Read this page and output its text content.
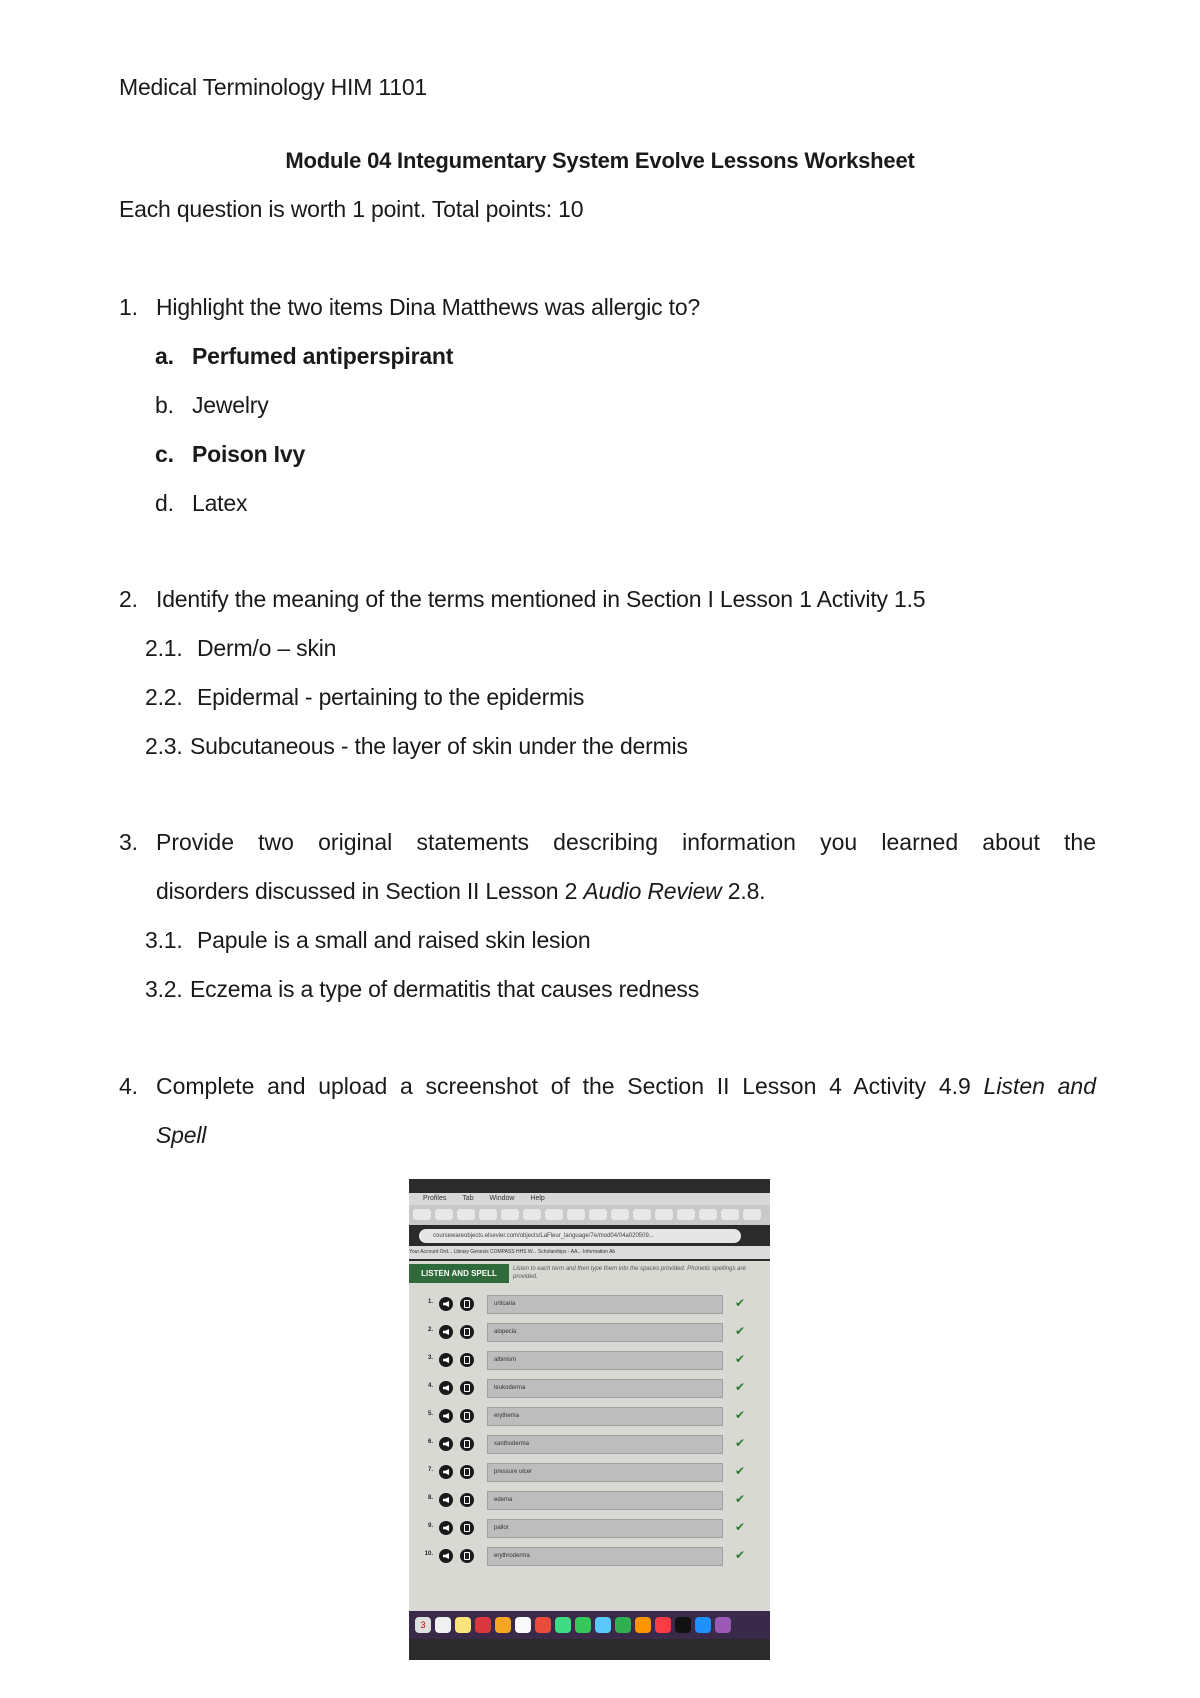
Medical Terminology HIM 1101
Module 04 Integumentary System Evolve Lessons Worksheet
Each question is worth 1 point. Total points: 10
1. Highlight the two items Dina Matthews was allergic to?
a. Perfumed antiperspirant
b. Jewelry
c. Poison Ivy
d. Latex
2. Identify the meaning of the terms mentioned in Section I Lesson 1 Activity 1.5
2.1. Derm/o – skin
2.2. Epidermal - pertaining to the epidermis
2.3. Subcutaneous - the layer of skin under the dermis
3. Provide two original statements describing information you learned about the
disorders discussed in Section II Lesson 2 Audio Review 2.8.
3.1. Papule is a small and raised skin lesion
3.2. Eczema is a type of dermatitis that causes redness
4. Complete and upload a screenshot of the Section II Lesson 4 Activity 4.9 Listen and
Spell
Profiles Tab Window Help
coursewareobjects.elsevier.com/objects/LaFleur_language/7e/mod04/04a020509...
Your Account Ord... Library Genesis COMPASS HHS W... Scholarships - AA... Information Ab
LISTEN AND SPELL	Listen to each term and then type them into the spaces provided. Phonetic spellings are provided.
1.	urticaria	✔
2.	alopecia	✔
3.	albinism	✔
4.	leukoderma	✔
5.	erythema	✔
6.	xanthoderma	✔
7.	pressure ulcer	✔
8.	edema	✔
9.	pallor	✔
10.	erythroderma	✔
3
